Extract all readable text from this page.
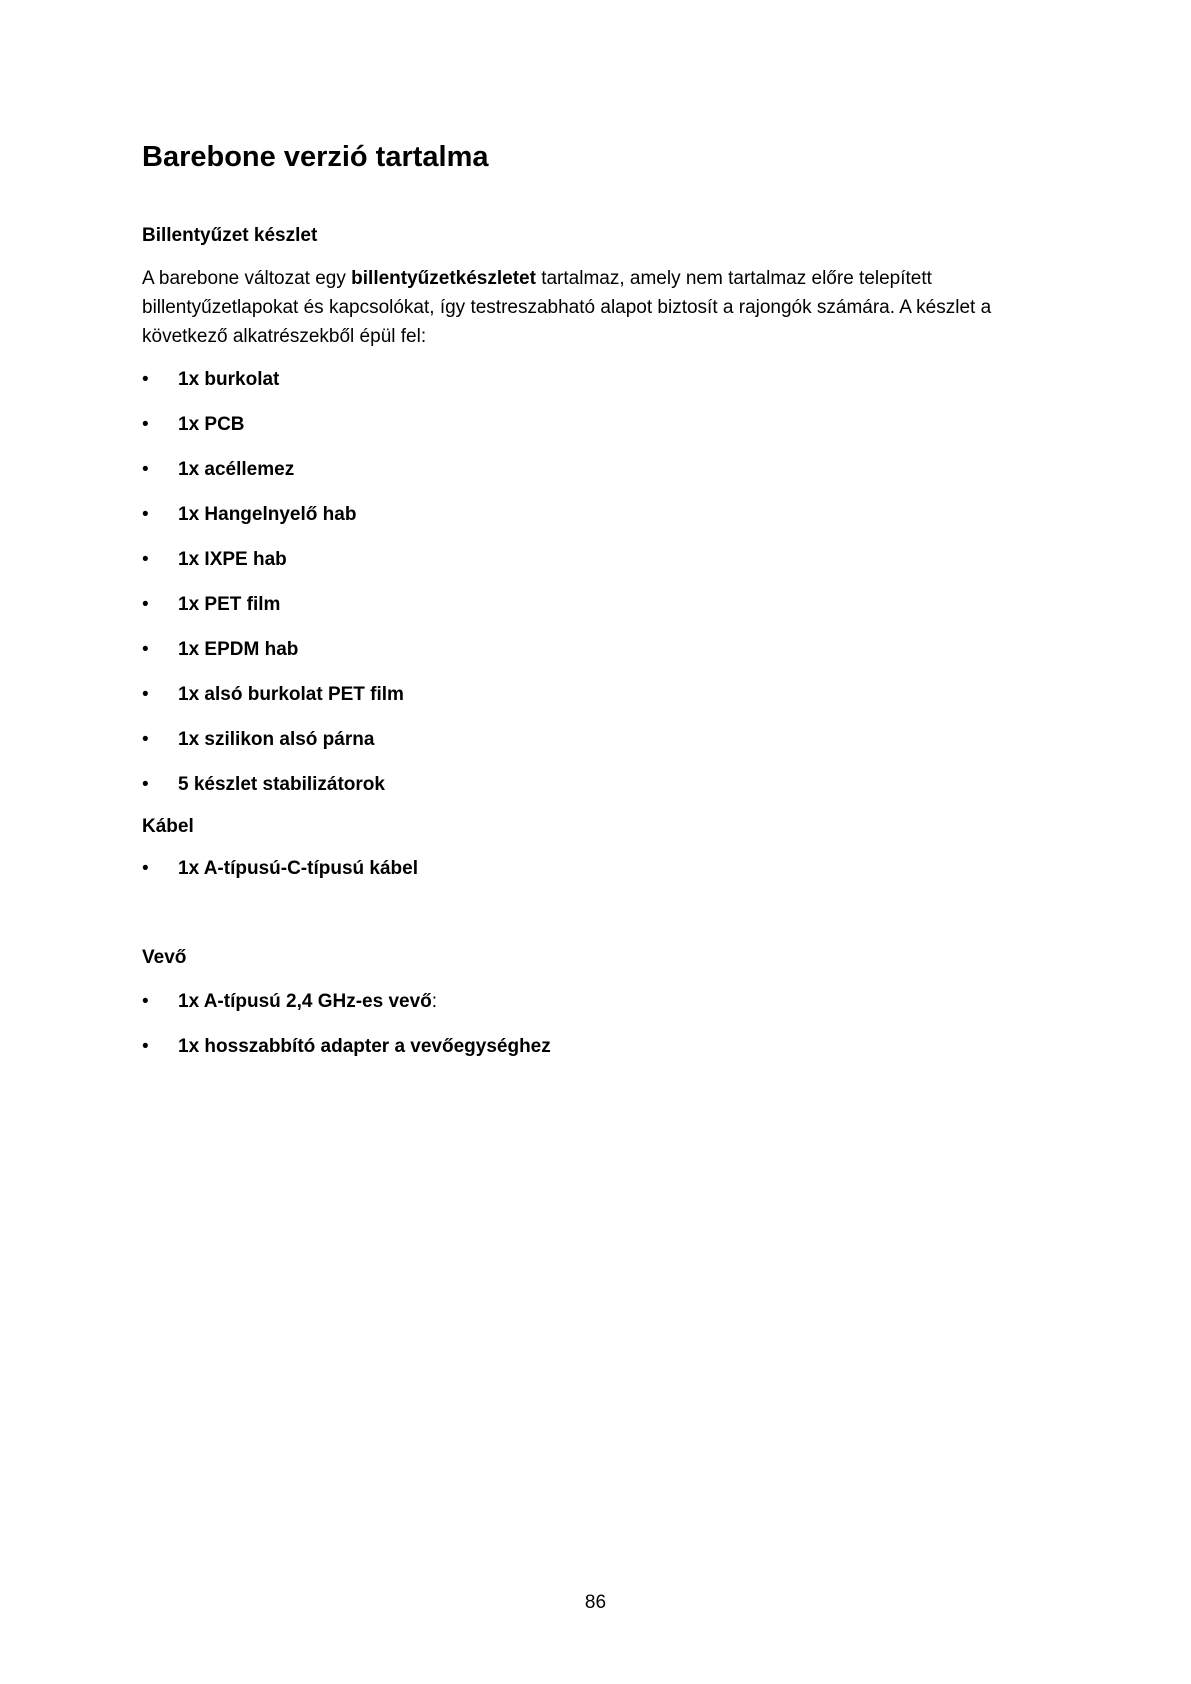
Barebone verzió tartalma
Billentyűzet készlet

A barebone változat egy billentyűzetkészletet tartalmaz, amely nem tartalmaz előre telepített billentyűzetlapokat és kapcsolókat, így testreszabható alapot biztosít a rajongók számára. A készlet a következő alkatrészekből épül fel:

• 1x burkolat
• 1x PCB
• 1x acéllemez
• 1x Hangelnyelő hab
• 1x IXPE hab
• 1x PET film
• 1x EPDM hab
• 1x alsó burkolat PET film
• 1x szilikon alsó párna
• 5 készlet stabilizátorok
Kábel
• 1x A-típusú-C-típusú kábel
Vevő
• 1x A-típusú 2,4 GHz-es vevő:
• 1x hosszabbító adapter a vevőegységhez
86
